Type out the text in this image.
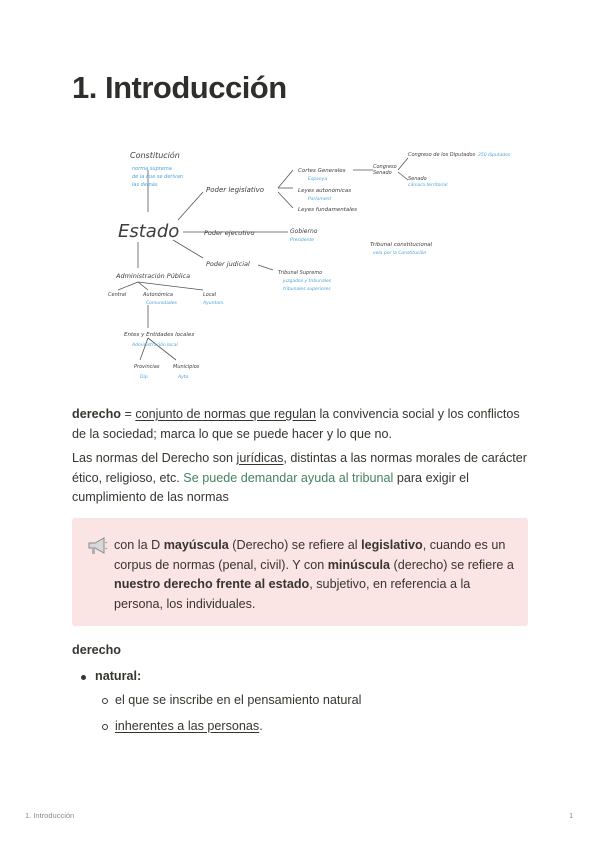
1. Introducción
Constitución
norma suprema
de la que se derivan
las demás
Estado
Poder legislativo
Cortes Generales
Leyes autonómicas
Leyes fundamentales
Espanya
Parlament
Congreso
Senado
Congreso de los Diputados
Senado
350 diputados
cámara territorial
Poder ejecutivo	Gobierno
Presidente
Tribunal constitucional
vela por la Constitución
Poder judicial
Tribunal Supremo
juzgados y tribunales
tribunales superiores
Administración Pública
Central	Autonómica	Local
Comunidades	Ayuntam.
Entes y Entidades locales
Administración local
Provincias	Municipios
Dip.	Ayto.

derecho = conjunto de normas que regulan la convivencia social y los conflictos de la sociedad; marca lo que se puede hacer y lo que no.

Las normas del Derecho son jurídicas, distintas a las normas morales de carácter ético, religioso, etc. Se puede demandar ayuda al tribunal para exigir el cumplimiento de las normas

con la D mayúscula (Derecho) se refiere al legislativo, cuando es un corpus de normas (penal, civil). Y con minúscula (derecho) se refiere a nuestro derecho frente al estado, subjetivo, en referencia a la persona, los individuales.

derecho

natural:
el que se inscribe en el pensamiento natural
inherentes a las personas.
1. Introducción	1
